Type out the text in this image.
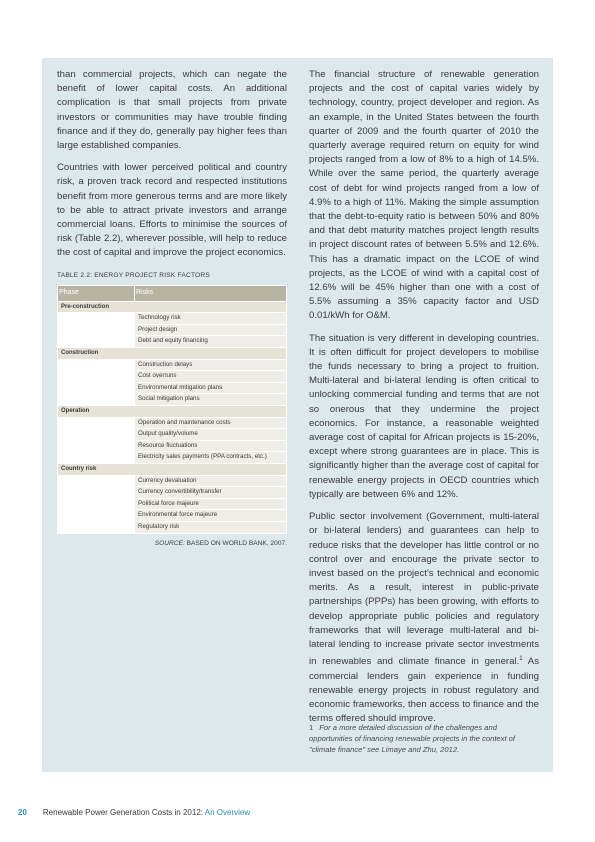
than commercial projects, which can negate the benefit of lower capital costs. An additional complication is that small projects from private investors or communities may have trouble finding finance and if they do, generally pay higher fees than large established companies.

Countries with lower perceived political and country risk, a proven track record and respected institutions benefit from more generous terms and are more likely to be able to attract private investors and arrange commercial loans. Efforts to minimise the sources of risk (Table 2.2), wherever possible, will help to reduce the cost of capital and improve the project economics.

TABLE 2.2: ENERGY PROJECT RISK FACTORS

Phase	Risks
Pre-construction	
	Technology risk
	Project design
	Debt and equity financing
Construction	
	Construction delays
	Cost overruns
	Environmental mitigation plans
	Social mitigation plans
Operation	
	Operation and maintenance costs
	Output quality/volume
	Resource fluctuations
	Electricity sales payments (PPA contracts, etc.)
Country risk	
	Currency devaluation
	Currency convertibility/transfer
	Political force majeure
	Environmental force majeure
	Regulatory risk
SOURCE: BASED ON WORLD BANK, 2007.

The financial structure of renewable generation projects and the cost of capital varies widely by technology, country, project developer and region. As an example, in the United States between the fourth quarter of 2009 and the fourth quarter of 2010 the quarterly average required return on equity for wind projects ranged from a low of 8% to a high of 14.5%. While over the same period, the quarterly average cost of debt for wind projects ranged from a low of 4.9% to a high of 11%. Making the simple assumption that the debt-to-equity ratio is between 50% and 80% and that debt maturity matches project length results in project discount rates of between 5.5% and 12.6%. This has a dramatic impact on the LCOE of wind projects, as the LCOE of wind with a capital cost of 12.6% will be 45% higher than one with a cost of 5.5% assuming a 35% capacity factor and USD 0.01/kWh for O&M.

The situation is very different in developing countries. It is often difficult for project developers to mobilise the funds necessary to bring a project to fruition. Multi-lateral and bi-lateral lending is often critical to unlocking commercial funding and terms that are not so onerous that they undermine the project economics. For instance, a reasonable weighted average cost of capital for African projects is 15-20%, except where strong guarantees are in place. This is significantly higher than the average cost of capital for renewable energy projects in OECD countries which typically are between 6% and 12%.

Public sector involvement (Government, multi-lateral or bi-lateral lenders) and guarantees can help to reduce risks that the developer has little control or no control over and encourage the private sector to invest based on the project's technical and economic merits. As a result, interest in public-private partnerships (PPPs) has been growing, with efforts to develop appropriate public policies and regulatory frameworks that will leverage multi-lateral and bi-lateral lending to increase private sector investments in renewables and climate finance in general.$^1$ As commercial lenders gain experience in funding renewable energy projects in robust regulatory and economic frameworks, then access to finance and the terms offered should improve.

1 For a more detailed discussion of the challenges and opportunities of financing renewable projects in the context of "climate finance" see Limaye and Zhu, 2012.
20 Renewable Power Generation Costs in 2012: An Overview
